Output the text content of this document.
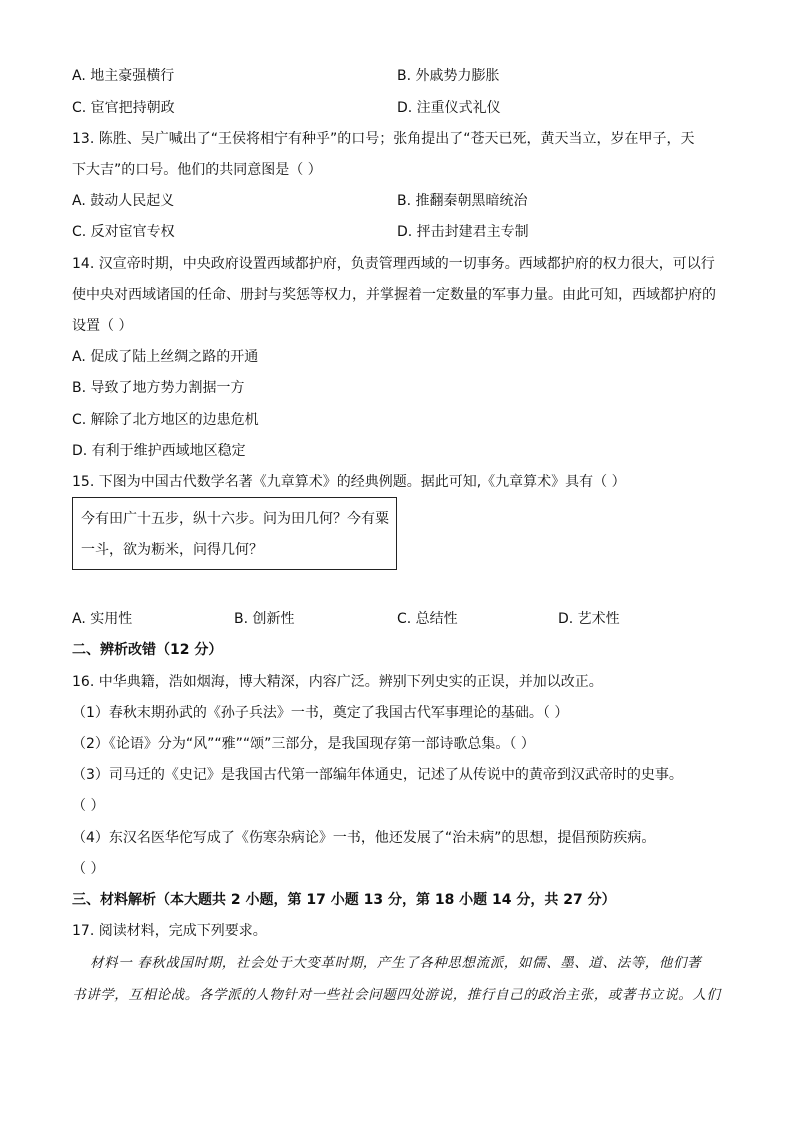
A. 地主豪强横行	B. 外戚势力膨胀
C. 宦官把持朝政	D. 注重仪式礼仪
13. 陈胜、吴广喊出了“王侯将相宁有种乎”的口号；张角提出了“苍天已死，黄天当立，岁在甲子，天
下大吉”的口号。他们的共同意图是（ ）
A. 鼓动人民起义	B. 推翻秦朝黑暗统治
C. 反对宦官专权	D. 抨击封建君主专制
14. 汉宣帝时期，中央政府设置西域都护府，负责管理西域的一切事务。西域都护府的权力很大，可以行
使中央对西域诸国的任命、册封与奖惩等权力，并掌握着一定数量的军事力量。由此可知，西域都护府的
设置（ ）
A. 促成了陆上丝绸之路的开通
B. 导致了地方势力割据一方
C. 解除了北方地区的边患危机
D. 有利于维护西域地区稳定
15. 下图为中国古代数学名著《九章算术》的经典例题。据此可知,《九章算术》具有（ ）
今有田广十五步，纵十六步。问为田几何？今有粟
一斗，欲为粝米，问得几何？
A. 实用性	B. 创新性	C. 总结性	D. 艺术性
二、辨析改错（12 分）
16. 中华典籍，浩如烟海，博大精深，内容广泛。辨别下列史实的正误，并加以改正。
（1）春秋末期孙武的《孙子兵法》一书，奠定了我国古代军事理论的基础。（ ）
（2）《论语》分为“风”“雅”“颂”三部分，是我国现存第一部诗歌总集。（ ）
（3）司马迁的《史记》是我国古代第一部编年体通史，记述了从传说中的黄帝到汉武帝时的史事。
（ ）
（4）东汉名医华佗写成了《伤寒杂病论》一书，他还发展了“治未病”的思想，提倡预防疾病。
（ ）
三、材料解析（本大题共 2 小题，第 17 小题 13 分，第 18 小题 14 分，共 27 分）
17. 阅读材料，完成下列要求。
材料一 春秋战国时期，社会处于大变革时期，产生了各种思想流派，如儒、墨、道、法等，他们著
书讲学，互相论战。各学派的人物针对一些社会问题四处游说，推行自己的政治主张，或著书立说。人们
